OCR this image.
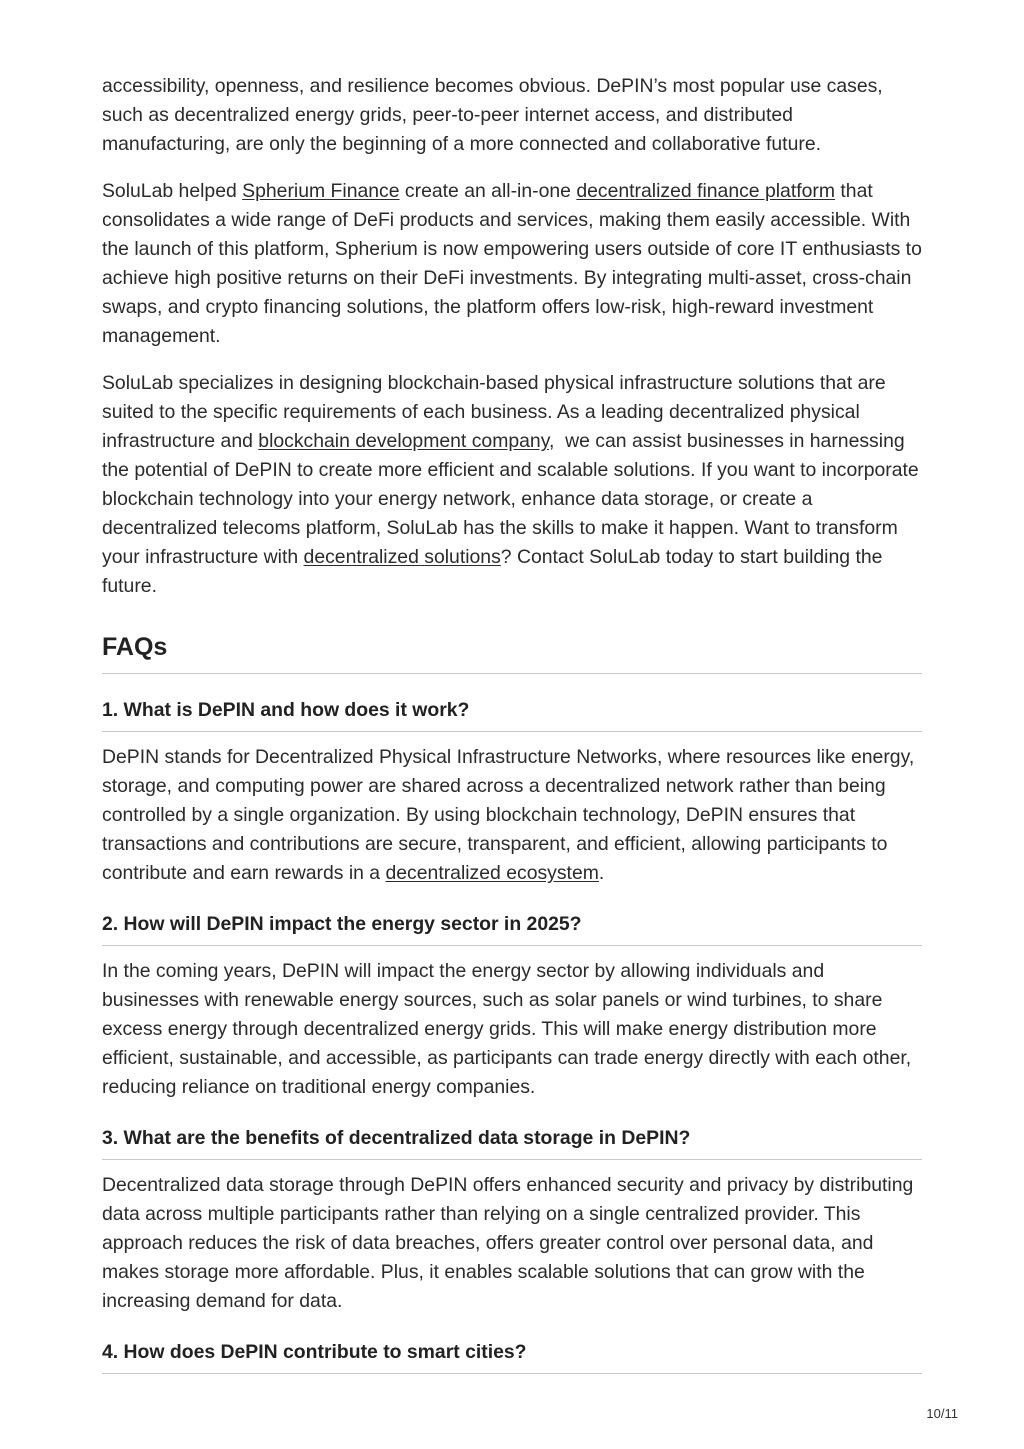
accessibility, openness, and resilience becomes obvious. DePIN’s most popular use cases, such as decentralized energy grids, peer-to-peer internet access, and distributed manufacturing, are only the beginning of a more connected and collaborative future.

SoluLab helped Spherium Finance create an all-in-one decentralized finance platform that consolidates a wide range of DeFi products and services, making them easily accessible. With the launch of this platform, Spherium is now empowering users outside of core IT enthusiasts to achieve high positive returns on their DeFi investments. By integrating multi-asset, cross-chain swaps, and crypto financing solutions, the platform offers low-risk, high-reward investment management.

SoluLab specializes in designing blockchain-based physical infrastructure solutions that are suited to the specific requirements of each business. As a leading decentralized physical infrastructure and blockchain development company,  we can assist businesses in harnessing the potential of DePIN to create more efficient and scalable solutions. If you want to incorporate blockchain technology into your energy network, enhance data storage, or create a decentralized telecoms platform, SoluLab has the skills to make it happen. Want to transform your infrastructure with decentralized solutions? Contact SoluLab today to start building the future.

FAQs
1. What is DePIN and how does it work?

DePIN stands for Decentralized Physical Infrastructure Networks, where resources like energy, storage, and computing power are shared across a decentralized network rather than being controlled by a single organization. By using blockchain technology, DePIN ensures that transactions and contributions are secure, transparent, and efficient, allowing participants to contribute and earn rewards in a decentralized ecosystem.

2. How will DePIN impact the energy sector in 2025?

In the coming years, DePIN will impact the energy sector by allowing individuals and businesses with renewable energy sources, such as solar panels or wind turbines, to share excess energy through decentralized energy grids. This will make energy distribution more efficient, sustainable, and accessible, as participants can trade energy directly with each other, reducing reliance on traditional energy companies.

3. What are the benefits of decentralized data storage in DePIN?

Decentralized data storage through DePIN offers enhanced security and privacy by distributing data across multiple participants rather than relying on a single centralized provider. This approach reduces the risk of data breaches, offers greater control over personal data, and makes storage more affordable. Plus, it enables scalable solutions that can grow with the increasing demand for data.

4. How does DePIN contribute to smart cities?
10/11
